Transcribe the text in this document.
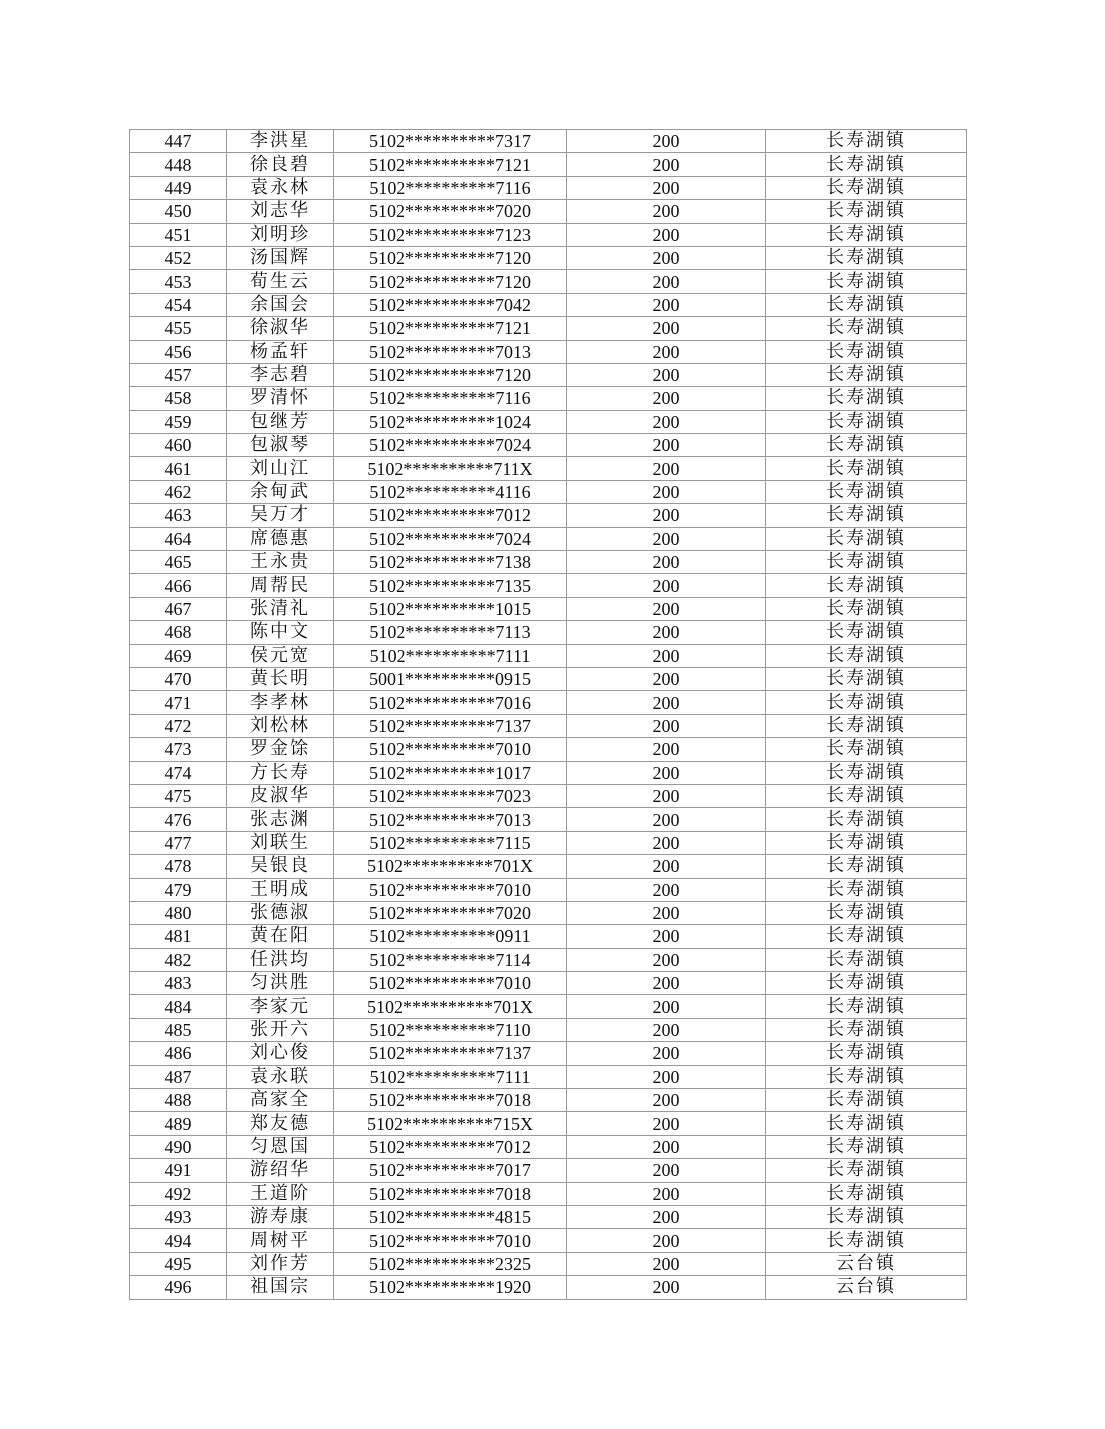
447	李洪星	5102**********7317	200	长寿湖镇
448	徐良碧	5102**********7121	200	长寿湖镇
449	袁永林	5102**********7116	200	长寿湖镇
450	刘志华	5102**********7020	200	长寿湖镇
451	刘明珍	5102**********7123	200	长寿湖镇
452	汤国辉	5102**********7120	200	长寿湖镇
453	荀生云	5102**********7120	200	长寿湖镇
454	余国会	5102**********7042	200	长寿湖镇
455	徐淑华	5102**********7121	200	长寿湖镇
456	杨孟轩	5102**********7013	200	长寿湖镇
457	李志碧	5102**********7120	200	长寿湖镇
458	罗清怀	5102**********7116	200	长寿湖镇
459	包继芳	5102**********1024	200	长寿湖镇
460	包淑琴	5102**********7024	200	长寿湖镇
461	刘山江	5102**********711X	200	长寿湖镇
462	余甸武	5102**********4116	200	长寿湖镇
463	吴万才	5102**********7012	200	长寿湖镇
464	席德惠	5102**********7024	200	长寿湖镇
465	王永贵	5102**********7138	200	长寿湖镇
466	周帮民	5102**********7135	200	长寿湖镇
467	张清礼	5102**********1015	200	长寿湖镇
468	陈中文	5102**********7113	200	长寿湖镇
469	侯元宽	5102**********7111	200	长寿湖镇
470	黄长明	5001**********0915	200	长寿湖镇
471	李孝林	5102**********7016	200	长寿湖镇
472	刘松林	5102**********7137	200	长寿湖镇
473	罗金馀	5102**********7010	200	长寿湖镇
474	方长寿	5102**********1017	200	长寿湖镇
475	皮淑华	5102**********7023	200	长寿湖镇
476	张志渊	5102**********7013	200	长寿湖镇
477	刘联生	5102**********7115	200	长寿湖镇
478	吴银良	5102**********701X	200	长寿湖镇
479	王明成	5102**********7010	200	长寿湖镇
480	张德淑	5102**********7020	200	长寿湖镇
481	黄在阳	5102**********0911	200	长寿湖镇
482	任洪均	5102**********7114	200	长寿湖镇
483	匀洪胜	5102**********7010	200	长寿湖镇
484	李家元	5102**********701X	200	长寿湖镇
485	张开六	5102**********7110	200	长寿湖镇
486	刘心俊	5102**********7137	200	长寿湖镇
487	袁永联	5102**********7111	200	长寿湖镇
488	高家全	5102**********7018	200	长寿湖镇
489	郑友德	5102**********715X	200	长寿湖镇
490	匀恩国	5102**********7012	200	长寿湖镇
491	游绍华	5102**********7017	200	长寿湖镇
492	王道阶	5102**********7018	200	长寿湖镇
493	游寿康	5102**********4815	200	长寿湖镇
494	周树平	5102**********7010	200	长寿湖镇
495	刘作芳	5102**********2325	200	云台镇
496	祖国宗	5102**********1920	200	云台镇
